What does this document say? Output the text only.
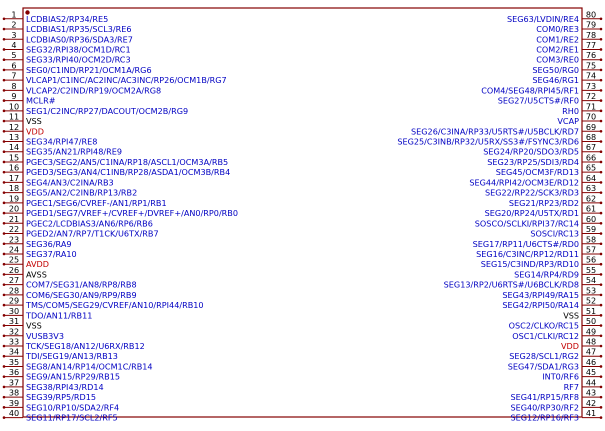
1 LCDBIAS2/RP34/RE5
2 LCDBIAS1/RP35/SCL3/RE6
3 LCDBIAS0/RP36/SDA3/RE7
4 SEG32/RPI38/OCM1D/RC1
5 SEG33/RPI40/OCM2D/RC3
6 SEG0/C1IND/RP21/OCM1A/RG6
7 VLCAP1/C1INC/AC2INC/AC3INC/RP26/OCM1B/RG7
8 VLCAP2/C2IND/RP19/OCM2A/RG8
9 MCLR#
10 SEG1/C2INC/RP27/DACOUT/OCM2B/RG9
11 VSS
12 VDD
13 SEG34/RPI47/RE8
14 SEG35/AN21/RPI48/RE9
15 PGEC3/SEG2/AN5/C1INA/RP18/ASCL1/OCM3A/RB5
16 PGED3/SEG3/AN4/C1INB/RP28/ASDA1/OCM3B/RB4
17 SEG4/AN3/C2INA/RB3
18 SEG5/AN2/C2INB/RP13/RB2
19 PGEC1/SEG6/CVREF-/AN1/RP1/RB1
20 PGED1/SEG7/VREF+/CVREF+/DVREF+/AN0/RP0/RB0
21 PGEC2/LCDBIAS3/AN6/RP6/RB6
22 PGED2/AN7/RP7/T1CK/U6TX/RB7
23 SEG36/RA9
24 SEG37/RA10
25 AVDD
26 AVSS
27 COM7/SEG31/AN8/RP8/RB8
28 COM6/SEG30/AN9/RP9/RB9
29 TMS/COM5/SEG29/CVREF/AN10/RPI44/RB10
30 TDO/AN11/RB11
31 VSS
32 VUSB3V3
33 TCK/SEG18/AN12/U6RX/RB12
34 TDI/SEG19/AN13/RB13
35 SEG8/AN14/RP14/OCM1C/RB14
36 SEG9/AN15/RP29/RB15
37 SEG38/RPI43/RD14
38 SEG39/RP5/RD15
39 SEG10/RP10/SDA2/RF4
40 SEG11/RP17/SCL2/RF5
80
SEG63/LVDIN/RE4
79
COM0/RE3
78
COM1/RE2
77
COM2/RE1
76
COM3/RE0
75
SEG50/RG0
74
SEG46/RG1
73
COM4/SEG48/RPI45/RF1
72
SEG27/U5CTS#/RF0
71
RH0
70
VCAP
69
SEG26/C3INA/RP33/U5RTS#/U5BCLK/RD7
68
SEG25/C3INB/RP32/U5RX/SS3#/FSYNC3/RD6
67
SEG24/RP20/SDO3/RD5
66
SEG23/RP25/SDI3/RD4
65
SEG45/OCM3F/RD13
64
SEG44/RPI42/OCM3E/RD12
63
SEG22/RP22/SCK3/RD3
62
SEG21/RP23/RD2
61
SEG20/RP24/U5TX/RD1
60
SOSCO/SCLKI/RPI37/RC14
59
SOSCI/RC13
58
SEG17/RP11/U6CTS#/RD0
57
SEG16/C3INC/RP12/RD11
56
SEG15/C3IND/RP3/RD10
55
SEG14/RP4/RD9
54
SEG13/RP2/U6RTS#/U6BCLK/RD8
53
SEG43/RPI49/RA15
52
SEG42/RPI50/RA14
51
VSS
50
OSC2/CLKO/RC15
49
OSC1/CLKI/RC12
48
VDD
47
SEG28/SCL1/RG2
46
SEG47/SDA1/RG3
45
INT0/RF6
44
RF7
43
SEG41/RP15/RF8
42
SEG40/RP30/RF2
41
SEG12/RP16/RF3
